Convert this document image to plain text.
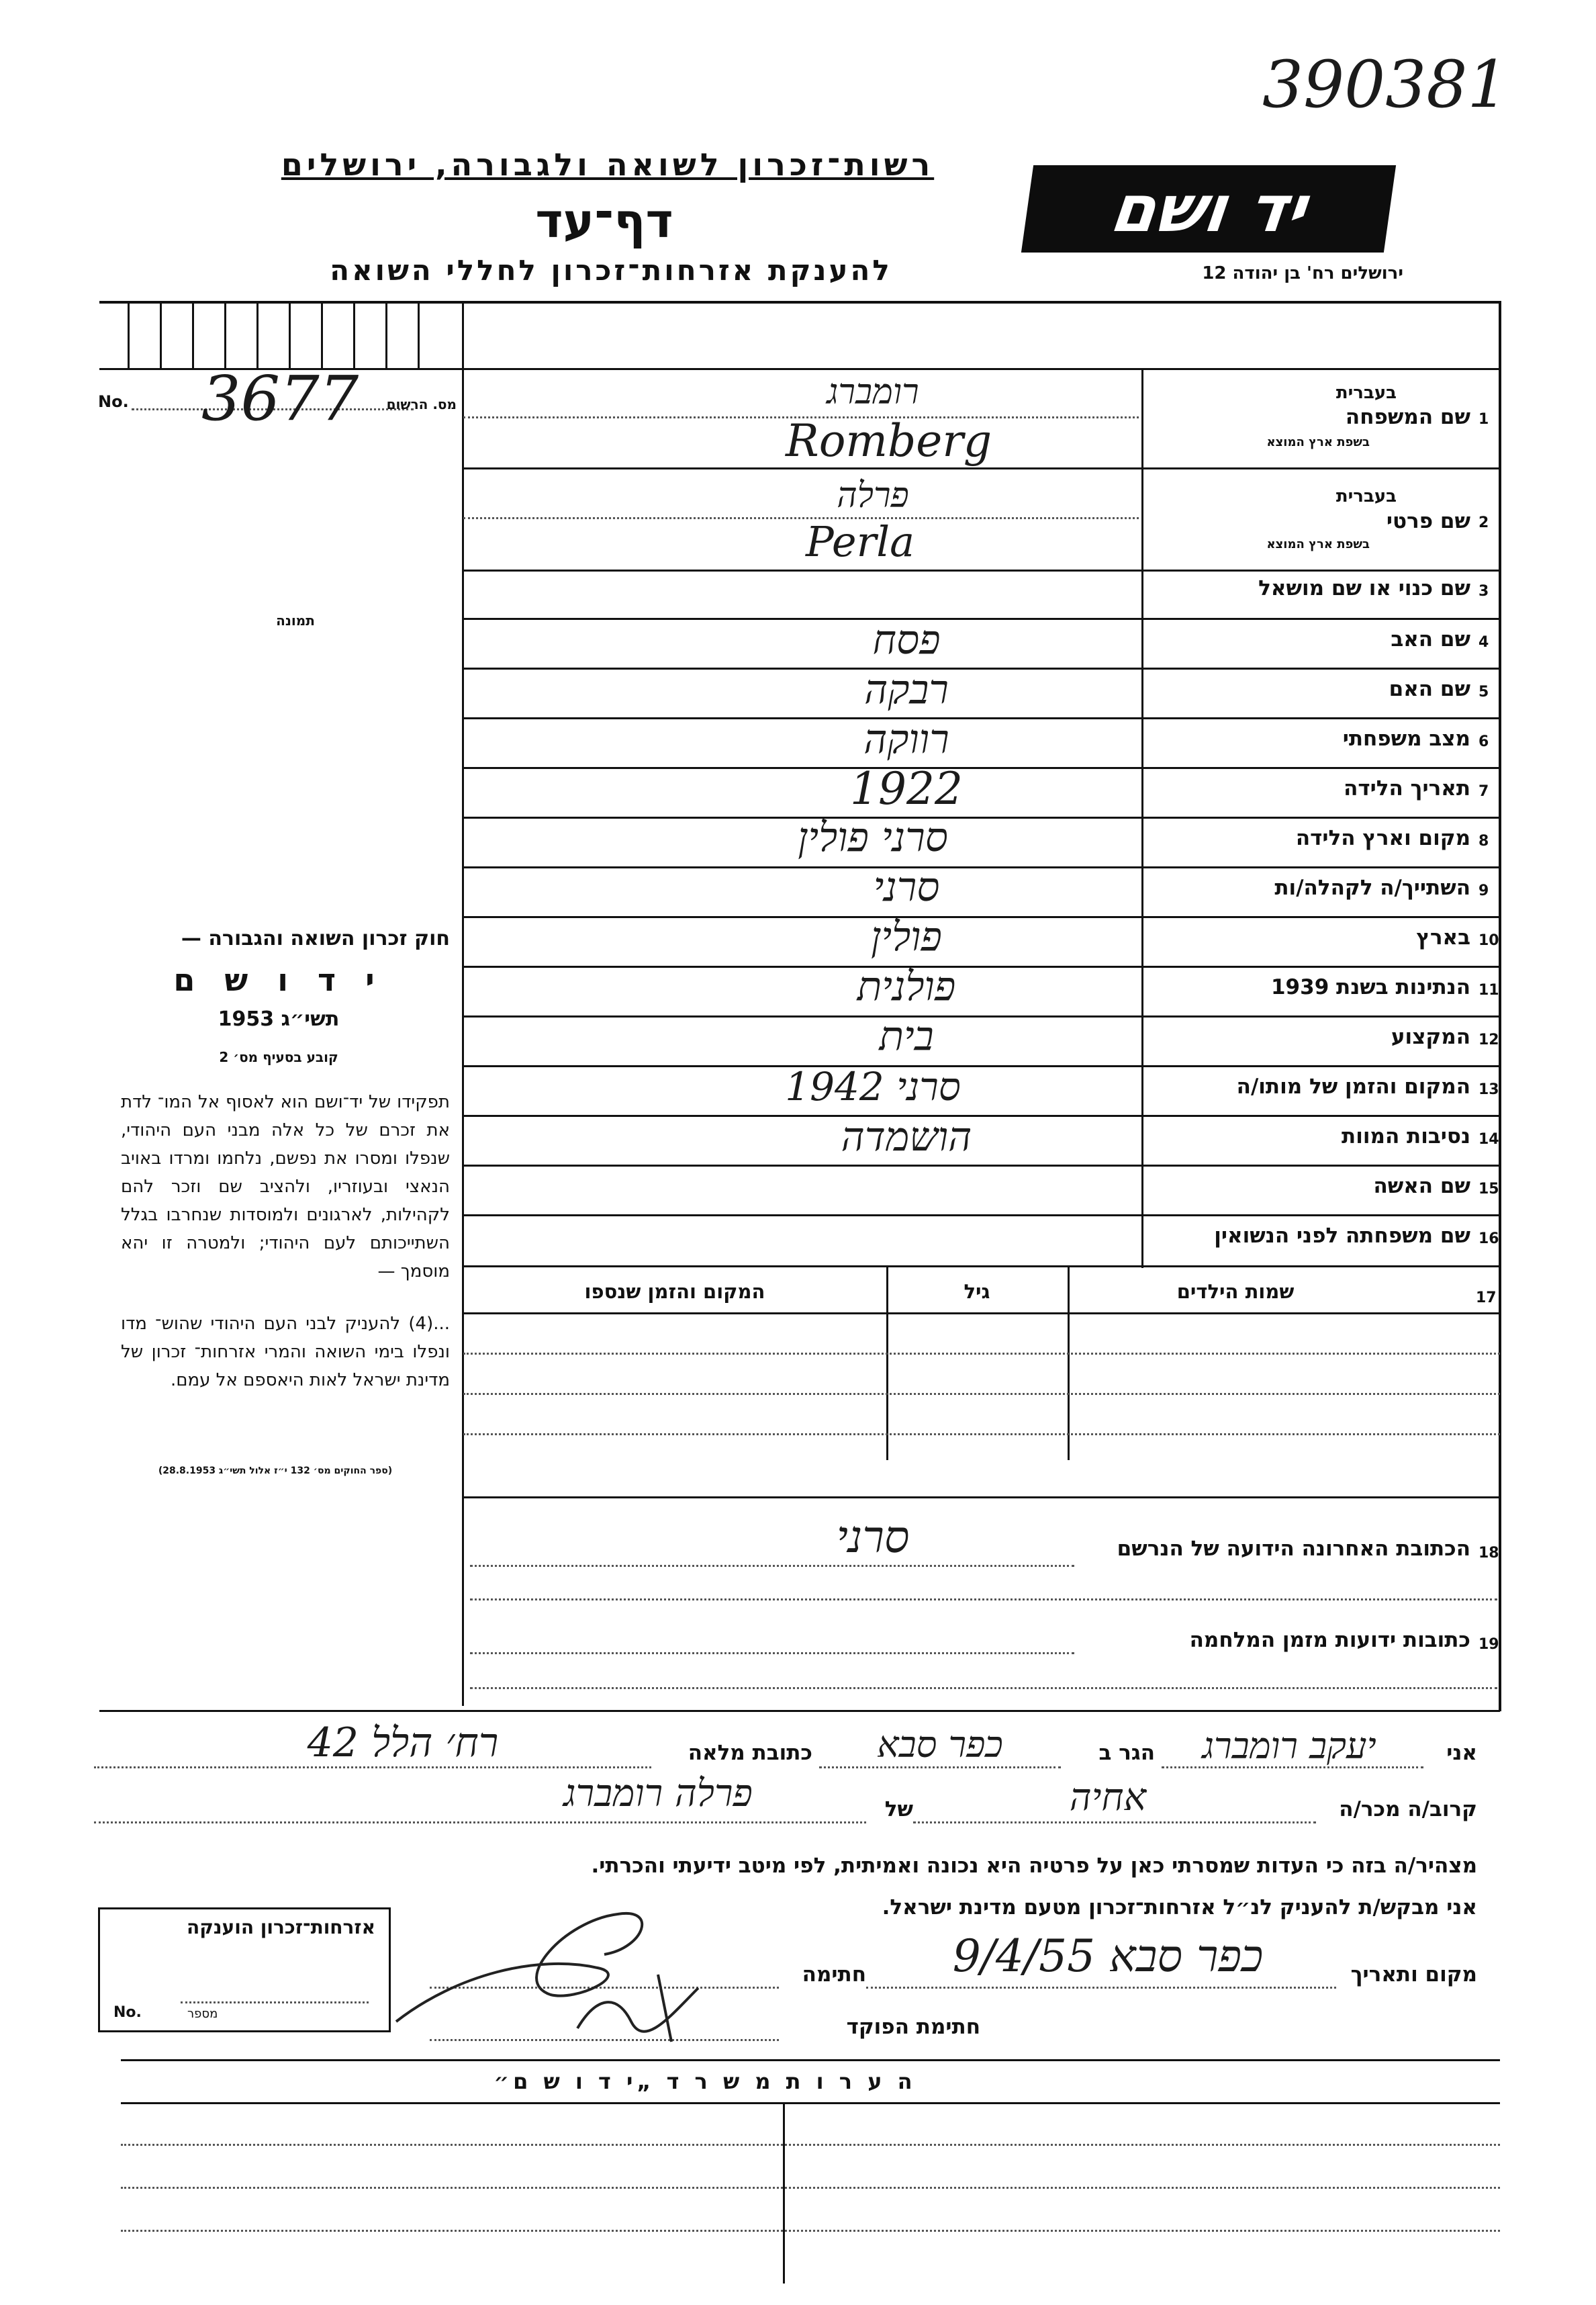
390381
רשות־זכרון לשואה ולגבורה, ירושלים
דף־עד
להענקת אזרחות־זכרון לחללי השואה
יד ושם
ירושלים רח' בן יהודה 12
No.	מס. הרשום
3677
תמונה
חוק זכרון השואה והגבורה —
י ד ו ש ם
תשי״ג 1953
קובע בסעיף מס׳ 2
תפקידו של יד־ושם הוא לאסוף אל המו־ לדת את זכרם של כל אלה מבני העם היהודי, שנפלו ומסרו את נפשם, נלחמו ומרדו באויב הנאצי ובעוזריו, ולהציב שם וזכר להם לקהילות, לארגונים ולמוסדות שנחרבו בגלל השתייכותם לעם היהודי; ולמטרה זו יהא מוסמך —
...(4) להעניק לבני העם היהודי שהוש־ מדו ונפלו בימי השואה והמרי אזרחות־ זכרון של מדינת ישראל לאות היאספם אל עמם.
(ספר החוקים מס׳ 132 י״ז אלול תשי״ג 28.8.1953)
1
שם המשפחה
בעברית
בשפת ארץ המוצא
רומברג
Romberg
2
שם פרטי
בעברית
בשפת ארץ המוצא
פרלה
Perla
3
שם כנוי או שם מושאל
4
שם האב
פסח
5
שם האם
רבקה
6
מצב משפחתי
רווקה
7
תאריך הלידה
1922
8
מקום וארץ הלידה
סרני פולין
9
השתייך/ה לקהלה/ות
סרני
10
בארץ
פולין
11
הנתינות בשנת 1939
פולנית
12
המקצוע
בית
13
המקום והזמן של מותו/ה
סרני 1942
14
נסיבות המוות
הושמדה
15
שם האשה
16
שם משפחתה לפני הנשואין
17
שמות הילדים
גיל
המקום והזמן שנספו
18
הכתובת האחרונה הידועה של הנרשם
סרני
19
כתובות ידועות מזמן המלחמה
אני
יעקב רומברג
הגר ב
כפר סבא
כתובת מלאה
רח׳ הלל 42
קרוב/ה מכר/ה
אחיה
של
פרלה רומברג
מצהיר/ה בזה כי העדות שמסרתי כאן על פרטיה היא נכונה ואמיתית, לפי מיטב ידיעתי והכרתי.
אני מבקש/ת להעניק לנ״ל אזרחות־זכרון מטעם מדינת ישראל.
מקום ותאריך
כפר סבא 9/4/55
חתימה
חתימת הפוקד
אזרחות־זכרון הוענקה
No.	מספר
ה ע ר ו ת מ ש ר ד „י ד ו ש ם״
